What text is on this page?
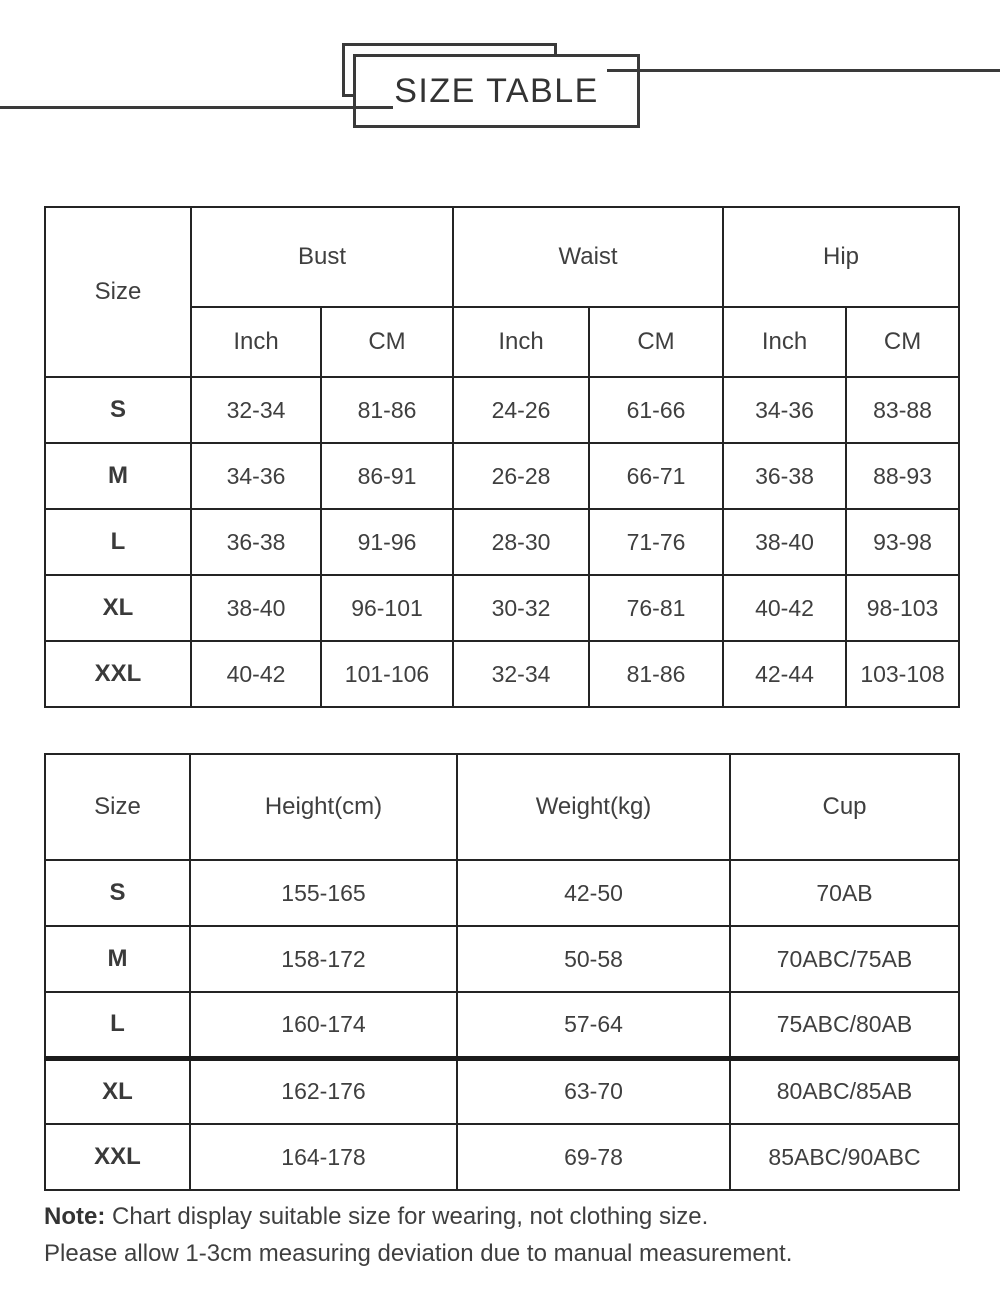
SIZE TABLE
Size	Bust		Waist		Hip	
	Inch	CM	Inch	CM	Inch	CM
S	32-34	81-86	24-26	61-66	34-36	83-88
M	34-36	86-91	26-28	66-71	36-38	88-93
L	36-38	91-96	28-30	71-76	38-40	93-98
XL	38-40	96-101	30-32	76-81	40-42	98-103
XXL	40-42	101-106	32-34	81-86	42-44	103-108
Size	Height(cm)	Weight(kg)	Cup
S	155-165	42-50	70AB
M	158-172	50-58	70ABC/75AB
L	160-174	57-64	75ABC/80AB
XL	162-176	63-70	80ABC/85AB
XXL	164-178	69-78	85ABC/90ABC

Note: Chart display suitable size for wearing, not clothing size.

Please allow 1-3cm measuring deviation due to manual measurement.
